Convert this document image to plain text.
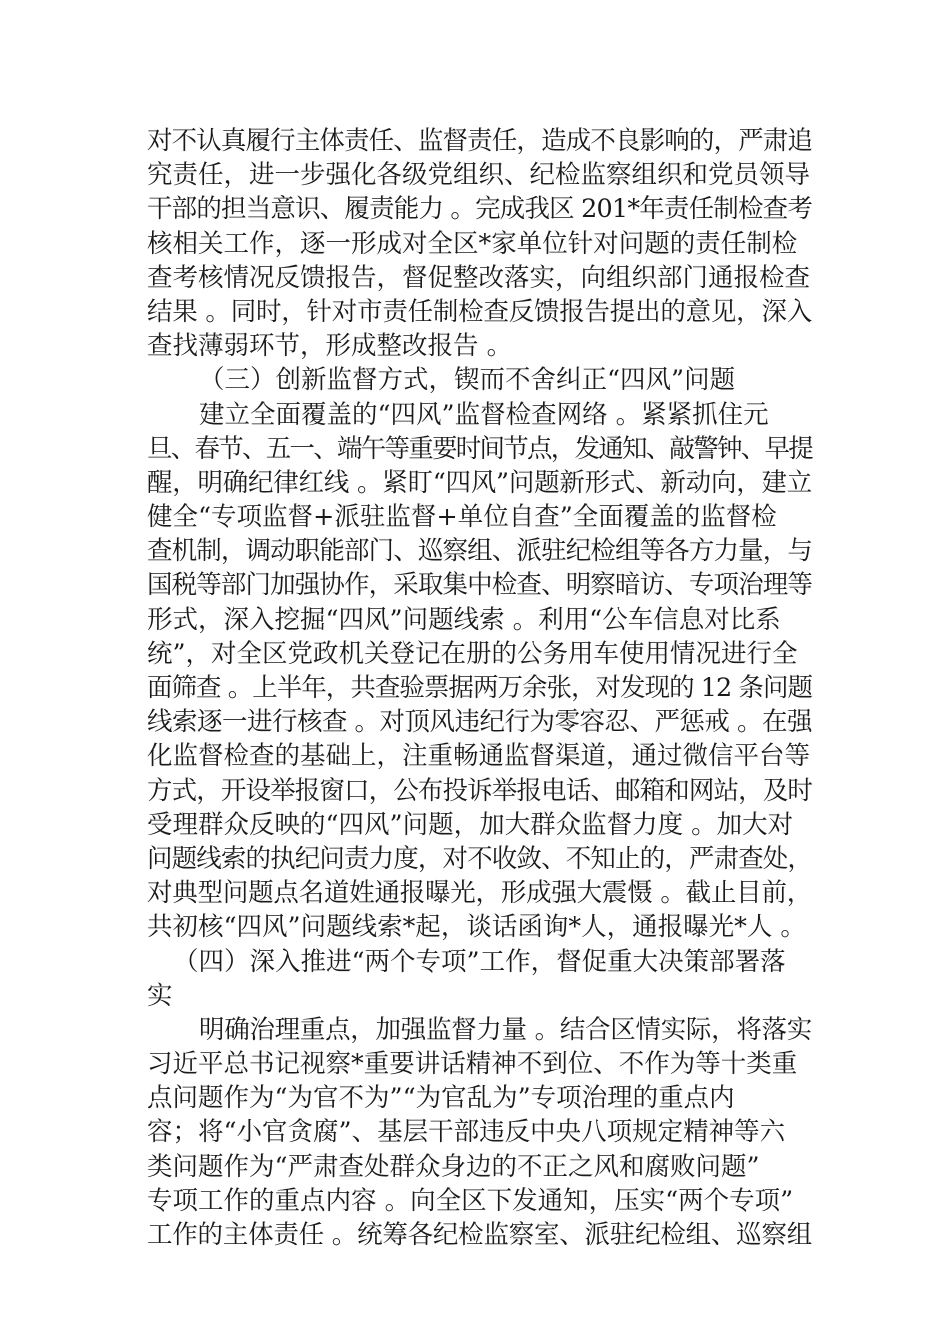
对不认真履行主体责任、监督责任，造成不良影响的，严肃追
究责任，进一步强化各级党组织、纪检监察组织和党员领导
干部的担当意识、履责能力 。完成我区 201*年责任制检查考
核相关工作，逐一形成对全区*家单位针对问题的责任制检
查考核情况反馈报告，督促整改落实，向组织部门通报检查
结果 。同时，针对市责任制检查反馈报告提出的意见，深入
查找薄弱环节，形成整改报告 。
（三）创新监督方式，锲而不舍纠正“四风”问题
建立全面覆盖的“四风”监督检查网络 。紧紧抓住元
旦、春节、五一、端午等重要时间节点，发通知、敲警钟、早提
醒，明确纪律红线 。紧盯“四风”问题新形式、新动向，建立
健全“专项监督+派驻监督+单位自查”全面覆盖的监督检
查机制，调动职能部门、巡察组、派驻纪检组等各方力量，与
国税等部门加强协作，采取集中检查、明察暗访、专项治理等
形式，深入挖掘“四风”问题线索 。利用“公车信息对比系
统”，对全区党政机关登记在册的公务用车使用情况进行全
面筛查 。上半年，共查验票据两万余张，对发现的 12 条问题
线索逐一进行核查 。对顶风违纪行为零容忍、严惩戒 。在强
化监督检查的基础上，注重畅通监督渠道，通过微信平台等
方式，开设举报窗口，公布投诉举报电话、邮箱和网站，及时
受理群众反映的“四风”问题，加大群众监督力度 。加大对
问题线索的执纪问责力度，对不收敛、不知止的，严肃查处，
对典型问题点名道姓通报曝光，形成强大震慑 。截止目前，
共初核“四风”问题线索*起，谈话函询*人，通报曝光*人 。
（四）深入推进“两个专项”工作，督促重大决策部署落
实
明确治理重点，加强监督力量 。结合区情实际，将落实
习近平总书记视察*重要讲话精神不到位、不作为等十类重
点问题作为“为官不为”“为官乱为”专项治理的重点内
容；将“小官贪腐”、基层干部违反中央八项规定精神等六
类问题作为“严肃查处群众身边的不正之风和腐败问题”
专项工作的重点内容 。向全区下发通知，压实“两个专项”
工作的主体责任 。统筹各纪检监察室、派驻纪检组、巡察组
